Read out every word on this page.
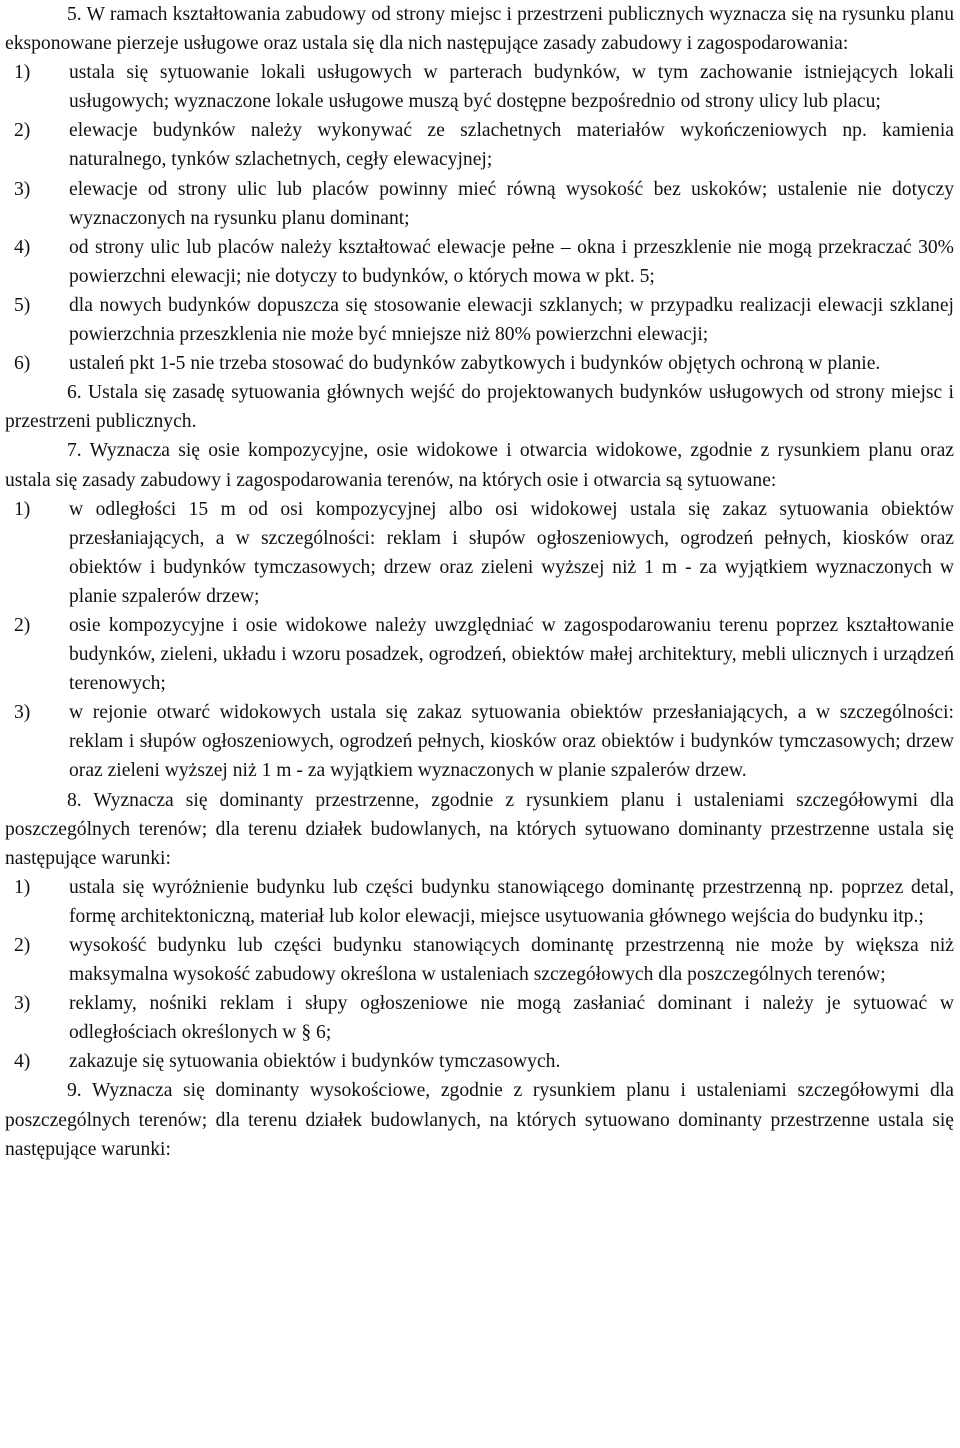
5. W ramach kształtowania zabudowy od strony miejsc i przestrzeni publicznych wyznacza się na rysunku planu eksponowane pierzeje usługowe oraz ustala się dla nich następujące zasady zabudowy i zagospodarowania:

1) ustala się sytuowanie lokali usługowych w parterach budynków, w tym zachowanie istniejących lokali usługowych; wyznaczone lokale usługowe muszą być dostępne bezpośrednio od strony ulicy lub placu;
2) elewacje budynków należy wykonywać ze szlachetnych materiałów wykończeniowych np. kamienia naturalnego, tynków szlachetnych, cegły elewacyjnej;
3) elewacje od strony ulic lub placów powinny mieć równą wysokość bez uskoków; ustalenie nie dotyczy wyznaczonych na rysunku planu dominant;
4) od strony ulic lub placów należy kształtować elewacje pełne – okna i przeszklenie nie mogą przekraczać 30% powierzchni elewacji; nie dotyczy to budynków, o których mowa w pkt. 5;
5) dla nowych budynków dopuszcza się stosowanie elewacji szklanych; w przypadku realizacji elewacji szklanej powierzchnia przeszklenia nie może być mniejsze niż 80% powierzchni elewacji;
6) ustaleń pkt 1-5 nie trzeba stosować do budynków zabytkowych i budynków objętych ochroną w planie.

6. Ustala się zasadę sytuowania głównych wejść do projektowanych budynków usługowych od strony miejsc i przestrzeni publicznych.

7. Wyznacza się osie kompozycyjne, osie widokowe i otwarcia widokowe, zgodnie z rysunkiem planu oraz ustala się zasady zabudowy i zagospodarowania terenów, na których osie i otwarcia są sytuowane:

1) w odległości 15 m od osi kompozycyjnej albo osi widokowej ustala się zakaz sytuowania obiektów przesłaniających, a w szczególności: reklam i słupów ogłoszeniowych, ogrodzeń pełnych, kiosków oraz obiektów i budynków tymczasowych; drzew oraz zieleni wyższej niż 1 m - za wyjątkiem wyznaczonych w planie szpalerów drzew;
2) osie kompozycyjne i osie widokowe należy uwzględniać w zagospodarowaniu terenu poprzez kształtowanie budynków, zieleni, układu i wzoru posadzek, ogrodzeń, obiektów małej architektury, mebli ulicznych i urządzeń terenowych;
3) w rejonie otwarć widokowych ustala się zakaz sytuowania obiektów przesłaniających, a w szczególności: reklam i słupów ogłoszeniowych, ogrodzeń pełnych, kiosków oraz obiektów i budynków tymczasowych; drzew oraz zieleni wyższej niż 1 m - za wyjątkiem wyznaczonych w planie szpalerów drzew.

8. Wyznacza się dominanty przestrzenne, zgodnie z rysunkiem planu i ustaleniami szczegółowymi dla poszczególnych terenów; dla terenu działek budowlanych, na których sytuowano dominanty przestrzenne ustala się następujące warunki:

1) ustala się wyróżnienie budynku lub części budynku stanowiącego dominantę przestrzenną np. poprzez detal, formę architektoniczną, materiał lub kolor elewacji, miejsce usytuowania głównego wejścia do budynku itp.;
2) wysokość budynku lub części budynku stanowiących dominantę przestrzenną nie może by większa niż maksymalna wysokość zabudowy określona w ustaleniach szczegółowych dla poszczególnych terenów;
3) reklamy, nośniki reklam i słupy ogłoszeniowe nie mogą zasłaniać dominant i należy je sytuować w odległościach określonych w § 6;
4) zakazuje się sytuowania obiektów i budynków tymczasowych.

9. Wyznacza się dominanty wysokościowe, zgodnie z rysunkiem planu i ustaleniami szczegółowymi dla poszczególnych terenów; dla terenu działek budowlanych, na których sytuowano dominanty przestrzenne ustala się następujące warunki:
